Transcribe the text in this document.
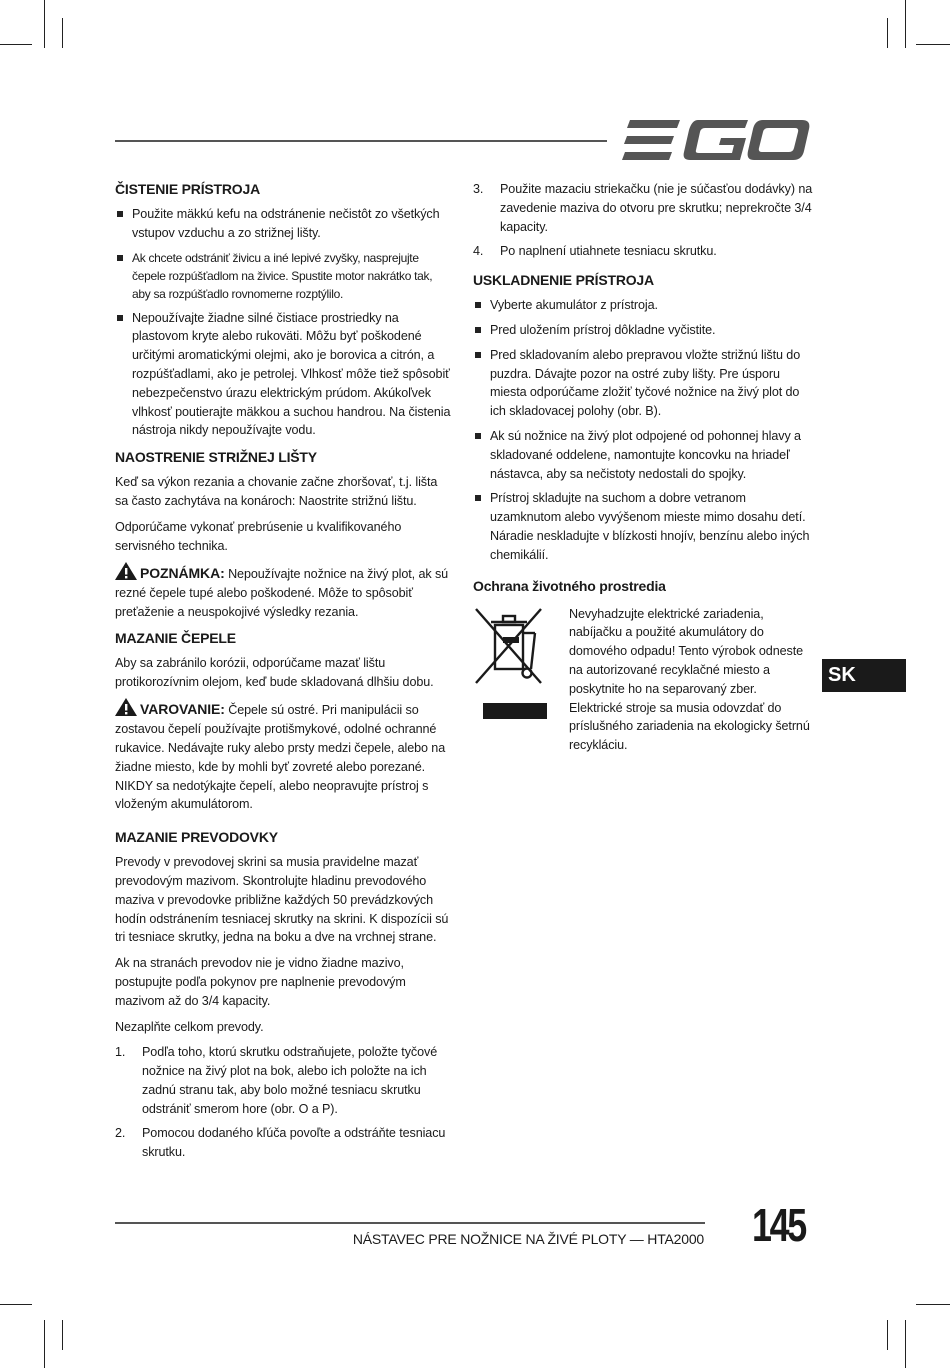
ČISTENIE PRÍSTROJA
Použite mäkkú kefu na odstránenie nečistôt zo všetkých vstupov vzduchu a zo strižnej lišty.
Ak chcete odstrániť živicu a iné lepivé zvyšky, nasprejujte čepele rozpúšťadlom na živice. Spustite motor nakrátko tak, aby sa rozpúšťadlo rovnomerne rozptýlilo.
Nepoužívajte žiadne silné čistiace prostriedky na plastovom kryte alebo rukoväti. Môžu byť poškodené určitými aromatickými olejmi, ako je borovica a citrón, a rozpúšťadlami, ako je petrolej. Vlhkosť môže tiež spôsobiť nebezpečenstvo úrazu elektrickým prúdom. Akúkoľvek vlhkosť poutierajte mäkkou a suchou handrou. Na čistenia nástroja nikdy nepoužívajte vodu.
NAOSTRENIE STRIŽNEJ LIŠTY

Keď sa výkon rezania a chovanie začne zhoršovať, t.j. lišta sa často zachytáva na konároch: Naostrite strižnú lištu.

Odporúčame vykonať prebrúsenie u kvalifikovaného servisného technika.

POZNÁMKA: Nepoužívajte nožnice na živý plot, ak sú rezné čepele tupé alebo poškodené. Môže to spôsobiť preťaženie a neuspokojivé výsledky rezania.

MAZANIE ČEPELE

Aby sa zabránilo korózii, odporúčame mazať lištu protikorozívnim olejom, keď bude skladovaná dlhšiu dobu.

VAROVANIE: Čepele sú ostré. Pri manipulácii so zostavou čepelí používajte protišmykové, odolné ochranné rukavice. Nedávajte ruky alebo prsty medzi čepele, alebo na žiadne miesto, kde by mohli byť zovreté alebo porezané. NIKDY sa nedotýkajte čepelí, alebo neopravujte prístroj s vloženým akumulátorom.

MAZANIE PREVODOVKY

Prevody v prevodovej skrini sa musia pravidelne mazať prevodovým mazivom. Skontrolujte hladinu prevodového maziva v prevodovke približne každých 50 prevádzkových hodín odstránením tesniacej skrutky na skrini. K dispozícii sú tri tesniace skrutky, jedna na boku a dve na vrchnej strane.

Ak na stranách prevodov nie je vidno žiadne mazivo, postupujte podľa pokynov pre naplnenie prevodovým mazivom až do 3/4 kapacity.

Nezaplňte celkom prevody.

1. Podľa toho, ktorú skrutku odstraňujete, položte tyčové nožnice na živý plot na bok, alebo ich položte na ich zadnú stranu tak, aby bolo možné tesniacu skrutku odstrániť smerom hore (obr. O a P).
2. Pomocou dodaného kľúča povoľte a odstráňte tesniacu skrutku.
3. Použite mazaciu striekačku (nie je súčasťou dodávky) na zavedenie maziva do otvoru pre skrutku; neprekročte 3/4 kapacity.
4. Po naplnení utiahnete tesniacu skrutku.
USKLADNENIE PRÍSTROJA
Vyberte akumulátor z prístroja.
Pred uložením prístroj dôkladne vyčistite.
Pred skladovaním alebo prepravou vložte strižnú lištu do puzdra. Dávajte pozor na ostré zuby lišty. Pre úsporu miesta odporúčame zložiť tyčové nožnice na živý plot do ich skladovacej polohy (obr. B).
Ak sú nožnice na živý plot odpojené od pohonnej hlavy a skladované oddelene, namontujte koncovku na hriadeľ nástavca, aby sa nečistoty nedostali do spojky.
Prístroj skladujte na suchom a dobre vetranom uzamknutom alebo vyvýšenom mieste mimo dosahu detí. Náradie neskladujte v blízkosti hnojív, benzínu alebo iných chemikálií.
Ochrana životného prostredia

Nevyhadzujte elektrické zariadenia, nabíjačku a použité akumulátory do domového odpadu! Tento výrobok odneste na autorizované recyklačné miesto a poskytnite ho na separovaný zber. Elektrické stroje sa musia odovzdať do príslušného zariadenia na ekologicky šetrnú recykláciu.

SK
NÁSTAVEC PRE NOŽNICE NA ŽIVÉ PLOTY — HTA2000 145
